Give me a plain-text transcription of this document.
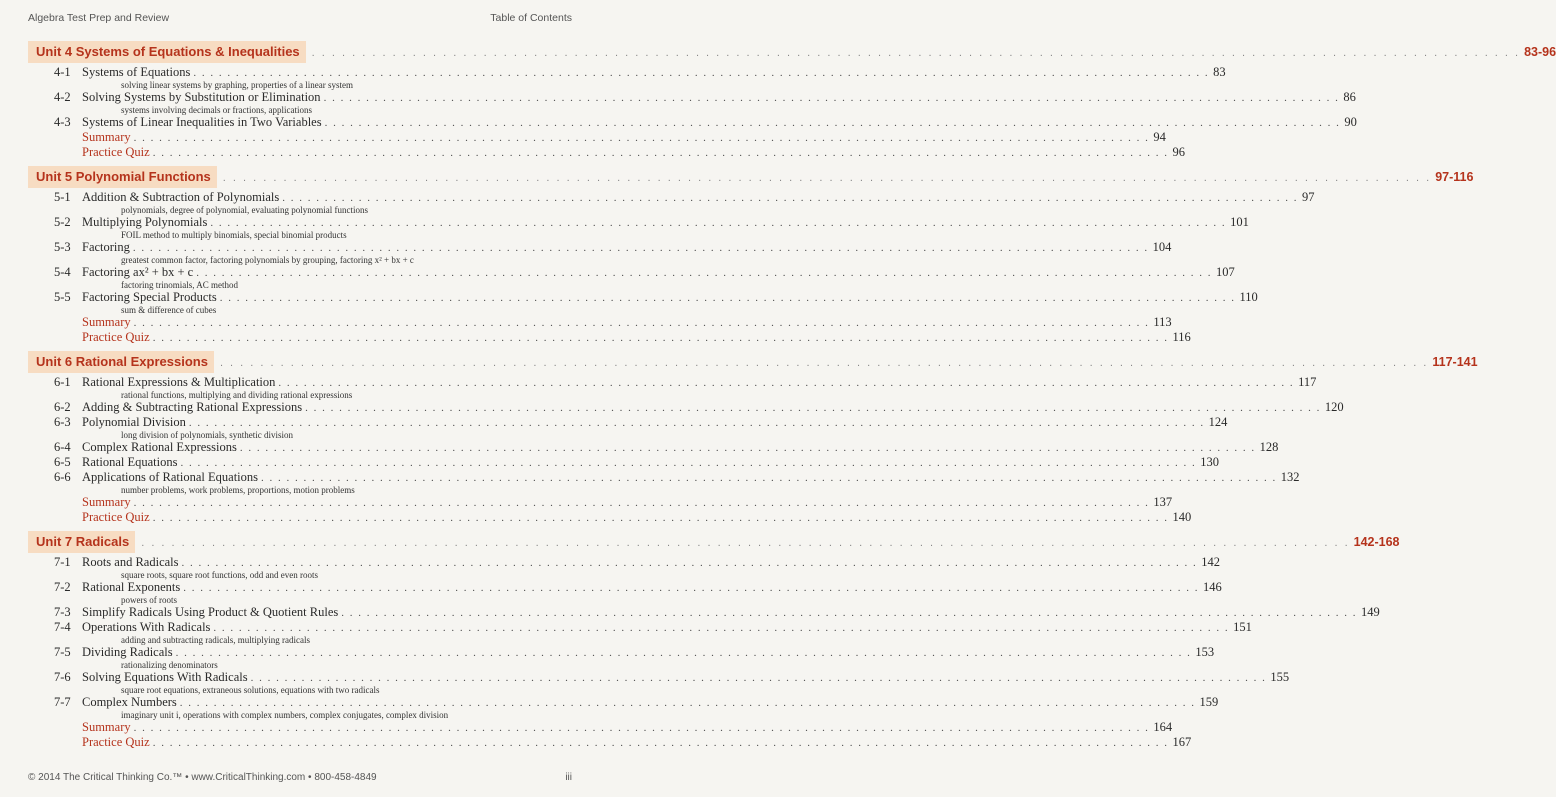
Algebra Test Prep and Review	Table of Contents
Unit 4 Systems of Equations & Inequalities	. . . . . . . . . . . . . . . . . . . . . . . . . . . . . . . . . . . . . . . . . . . . . . . . . . . . . . . . . . . . . . . . . . . . . . . . . . . . . . . . . . . . . . . . . . . . . . . . . . . . . . . . . . . . . . . . . . . . . . . . 83-96
4-1 Systems of Equations . . . . . . . . . . . . . . . . . . . . . . . . . . . . . . . . . . . . . . . . . . . . . . . . . . . . . . . . . . . . . . . . . . . . . . . . . . . . . . . . . . . . . . . . . . . . . . . . . . . . . . . . . . . . . . . . . . . . . . . . 83
solving linear systems by graphing, properties of a linear system
4-2 Solving Systems by Substitution or Elimination . . . . . . . . . . . . . . . . . . . . . . . . . . . . . . . . . . . . . . . . . . . . . . . . . . . . . . . . . . . . . . . . . . . . . . . . . . . . . . . . . . . . . . . . . . . . . . . . . . . . . . . . . . . . . . . . . . . . . . . . 86
systems involving decimals or fractions, applications
4-3 Systems of Linear Inequalities in Two Variables . . . . . . . . . . . . . . . . . . . . . . . . . . . . . . . . . . . . . . . . . . . . . . . . . . . . . . . . . . . . . . . . . . . . . . . . . . . . . . . . . . . . . . . . . . . . . . . . . . . . . . . . . . . . . . . . . . . . . . . . 90
Summary . . . . . . . . . . . . . . . . . . . . . . . . . . . . . . . . . . . . . . . . . . . . . . . . . . . . . . . . . . . . . . . . . . . . . . . . . . . . . . . . . . . . . . . . . . . . . . . . . . . . . . . . . . . . . . . . . . . . . . . . 94
Practice Quiz . . . . . . . . . . . . . . . . . . . . . . . . . . . . . . . . . . . . . . . . . . . . . . . . . . . . . . . . . . . . . . . . . . . . . . . . . . . . . . . . . . . . . . . . . . . . . . . . . . . . . . . . . . . . . . . . . . . . . . . . 96
Unit 5 Polynomial Functions	. . . . . . . . . . . . . . . . . . . . . . . . . . . . . . . . . . . . . . . . . . . . . . . . . . . . . . . . . . . . . . . . . . . . . . . . . . . . . . . . . . . . . . . . . . . . . . . . . . . . . . . . . . . . . . . . . . . . . . . . 97-116
5-1 Addition & Subtraction of Polynomials . . . . . . . . . . . . . . . . . . . . . . . . . . . . . . . . . . . . . . . . . . . . . . . . . . . . . . . . . . . . . . . . . . . . . . . . . . . . . . . . . . . . . . . . . . . . . . . . . . . . . . . . . . . . . . . . . . . . . . . . 97
polynomials, degree of polynomial, evaluating polynomial functions
5-2 Multiplying Polynomials . . . . . . . . . . . . . . . . . . . . . . . . . . . . . . . . . . . . . . . . . . . . . . . . . . . . . . . . . . . . . . . . . . . . . . . . . . . . . . . . . . . . . . . . . . . . . . . . . . . . . . . . . . . . . . . . . . . . . . . . 101
FOIL method to multiply binomials, special binomial products
5-3 Factoring . . . . . . . . . . . . . . . . . . . . . . . . . . . . . . . . . . . . . . . . . . . . . . . . . . . . . . . . . . . . . . . . . . . . . . . . . . . . . . . . . . . . . . . . . . . . . . . . . . . . . . . . . . . . . . . . . . . . . . . . 104
greatest common factor, factoring polynomials by grouping, factoring x² + bx + c
5-4 Factoring ax² + bx + c . . . . . . . . . . . . . . . . . . . . . . . . . . . . . . . . . . . . . . . . . . . . . . . . . . . . . . . . . . . . . . . . . . . . . . . . . . . . . . . . . . . . . . . . . . . . . . . . . . . . . . . . . . . . . . . . . . . . . . . . 107
factoring trinomials, AC method
5-5 Factoring Special Products . . . . . . . . . . . . . . . . . . . . . . . . . . . . . . . . . . . . . . . . . . . . . . . . . . . . . . . . . . . . . . . . . . . . . . . . . . . . . . . . . . . . . . . . . . . . . . . . . . . . . . . . . . . . . . . . . . . . . . . . 110
sum & difference of cubes
Summary . . . . . . . . . . . . . . . . . . . . . . . . . . . . . . . . . . . . . . . . . . . . . . . . . . . . . . . . . . . . . . . . . . . . . . . . . . . . . . . . . . . . . . . . . . . . . . . . . . . . . . . . . . . . . . . . . . . . . . . . 113
Practice Quiz . . . . . . . . . . . . . . . . . . . . . . . . . . . . . . . . . . . . . . . . . . . . . . . . . . . . . . . . . . . . . . . . . . . . . . . . . . . . . . . . . . . . . . . . . . . . . . . . . . . . . . . . . . . . . . . . . . . . . . . . 116
Unit 6 Rational Expressions	. . . . . . . . . . . . . . . . . . . . . . . . . . . . . . . . . . . . . . . . . . . . . . . . . . . . . . . . . . . . . . . . . . . . . . . . . . . . . . . . . . . . . . . . . . . . . . . . . . . . . . . . . . . . . . . . . . . . . . . . 117-141
6-1 Rational Expressions & Multiplication . . . . . . . . . . . . . . . . . . . . . . . . . . . . . . . . . . . . . . . . . . . . . . . . . . . . . . . . . . . . . . . . . . . . . . . . . . . . . . . . . . . . . . . . . . . . . . . . . . . . . . . . . . . . . . . . . . . . . . . . 117
rational functions, multiplying and dividing rational expressions
6-2 Adding & Subtracting Rational Expressions . . . . . . . . . . . . . . . . . . . . . . . . . . . . . . . . . . . . . . . . . . . . . . . . . . . . . . . . . . . . . . . . . . . . . . . . . . . . . . . . . . . . . . . . . . . . . . . . . . . . . . . . . . . . . . . . . . . . . . . . 120
6-3 Polynomial Division . . . . . . . . . . . . . . . . . . . . . . . . . . . . . . . . . . . . . . . . . . . . . . . . . . . . . . . . . . . . . . . . . . . . . . . . . . . . . . . . . . . . . . . . . . . . . . . . . . . . . . . . . . . . . . . . . . . . . . . . 124
long division of polynomials, synthetic division
6-4 Complex Rational Expressions . . . . . . . . . . . . . . . . . . . . . . . . . . . . . . . . . . . . . . . . . . . . . . . . . . . . . . . . . . . . . . . . . . . . . . . . . . . . . . . . . . . . . . . . . . . . . . . . . . . . . . . . . . . . . . . . . . . . . . . . 128
6-5 Rational Equations . . . . . . . . . . . . . . . . . . . . . . . . . . . . . . . . . . . . . . . . . . . . . . . . . . . . . . . . . . . . . . . . . . . . . . . . . . . . . . . . . . . . . . . . . . . . . . . . . . . . . . . . . . . . . . . . . . . . . . . . 130
6-6 Applications of Rational Equations . . . . . . . . . . . . . . . . . . . . . . . . . . . . . . . . . . . . . . . . . . . . . . . . . . . . . . . . . . . . . . . . . . . . . . . . . . . . . . . . . . . . . . . . . . . . . . . . . . . . . . . . . . . . . . . . . . . . . . . . 132
number problems, work problems, proportions, motion problems
Summary . . . . . . . . . . . . . . . . . . . . . . . . . . . . . . . . . . . . . . . . . . . . . . . . . . . . . . . . . . . . . . . . . . . . . . . . . . . . . . . . . . . . . . . . . . . . . . . . . . . . . . . . . . . . . . . . . . . . . . . . 137
Practice Quiz . . . . . . . . . . . . . . . . . . . . . . . . . . . . . . . . . . . . . . . . . . . . . . . . . . . . . . . . . . . . . . . . . . . . . . . . . . . . . . . . . . . . . . . . . . . . . . . . . . . . . . . . . . . . . . . . . . . . . . . . 140
Unit 7 Radicals	. . . . . . . . . . . . . . . . . . . . . . . . . . . . . . . . . . . . . . . . . . . . . . . . . . . . . . . . . . . . . . . . . . . . . . . . . . . . . . . . . . . . . . . . . . . . . . . . . . . . . . . . . . . . . . . . . . . . . . . . 142-168
7-1 Roots and Radicals . . . . . . . . . . . . . . . . . . . . . . . . . . . . . . . . . . . . . . . . . . . . . . . . . . . . . . . . . . . . . . . . . . . . . . . . . . . . . . . . . . . . . . . . . . . . . . . . . . . . . . . . . . . . . . . . . . . . . . . . 142
square roots, square root functions, odd and even roots
7-2 Rational Exponents . . . . . . . . . . . . . . . . . . . . . . . . . . . . . . . . . . . . . . . . . . . . . . . . . . . . . . . . . . . . . . . . . . . . . . . . . . . . . . . . . . . . . . . . . . . . . . . . . . . . . . . . . . . . . . . . . . . . . . . . 146
powers of roots
7-3 Simplify Radicals Using Product & Quotient Rules . . . . . . . . . . . . . . . . . . . . . . . . . . . . . . . . . . . . . . . . . . . . . . . . . . . . . . . . . . . . . . . . . . . . . . . . . . . . . . . . . . . . . . . . . . . . . . . . . . . . . . . . . . . . . . . . . . . . . . . . 149
7-4 Operations With Radicals . . . . . . . . . . . . . . . . . . . . . . . . . . . . . . . . . . . . . . . . . . . . . . . . . . . . . . . . . . . . . . . . . . . . . . . . . . . . . . . . . . . . . . . . . . . . . . . . . . . . . . . . . . . . . . . . . . . . . . . . 151
adding and subtracting radicals, multiplying radicals
7-5 Dividing Radicals . . . . . . . . . . . . . . . . . . . . . . . . . . . . . . . . . . . . . . . . . . . . . . . . . . . . . . . . . . . . . . . . . . . . . . . . . . . . . . . . . . . . . . . . . . . . . . . . . . . . . . . . . . . . . . . . . . . . . . . . 153
rationalizing denominators
7-6 Solving Equations With Radicals . . . . . . . . . . . . . . . . . . . . . . . . . . . . . . . . . . . . . . . . . . . . . . . . . . . . . . . . . . . . . . . . . . . . . . . . . . . . . . . . . . . . . . . . . . . . . . . . . . . . . . . . . . . . . . . . . . . . . . . . 155
square root equations, extraneous solutions, equations with two radicals
7-7 Complex Numbers . . . . . . . . . . . . . . . . . . . . . . . . . . . . . . . . . . . . . . . . . . . . . . . . . . . . . . . . . . . . . . . . . . . . . . . . . . . . . . . . . . . . . . . . . . . . . . . . . . . . . . . . . . . . . . . . . . . . . . . . 159
imaginary unit i, operations with complex numbers, complex conjugates, complex division
Summary . . . . . . . . . . . . . . . . . . . . . . . . . . . . . . . . . . . . . . . . . . . . . . . . . . . . . . . . . . . . . . . . . . . . . . . . . . . . . . . . . . . . . . . . . . . . . . . . . . . . . . . . . . . . . . . . . . . . . . . . 164
Practice Quiz . . . . . . . . . . . . . . . . . . . . . . . . . . . . . . . . . . . . . . . . . . . . . . . . . . . . . . . . . . . . . . . . . . . . . . . . . . . . . . . . . . . . . . . . . . . . . . . . . . . . . . . . . . . . . . . . . . . . . . . . 167
© 2014 The Critical Thinking Co.™ • www.CriticalThinking.com • 800-458-4849	iii
